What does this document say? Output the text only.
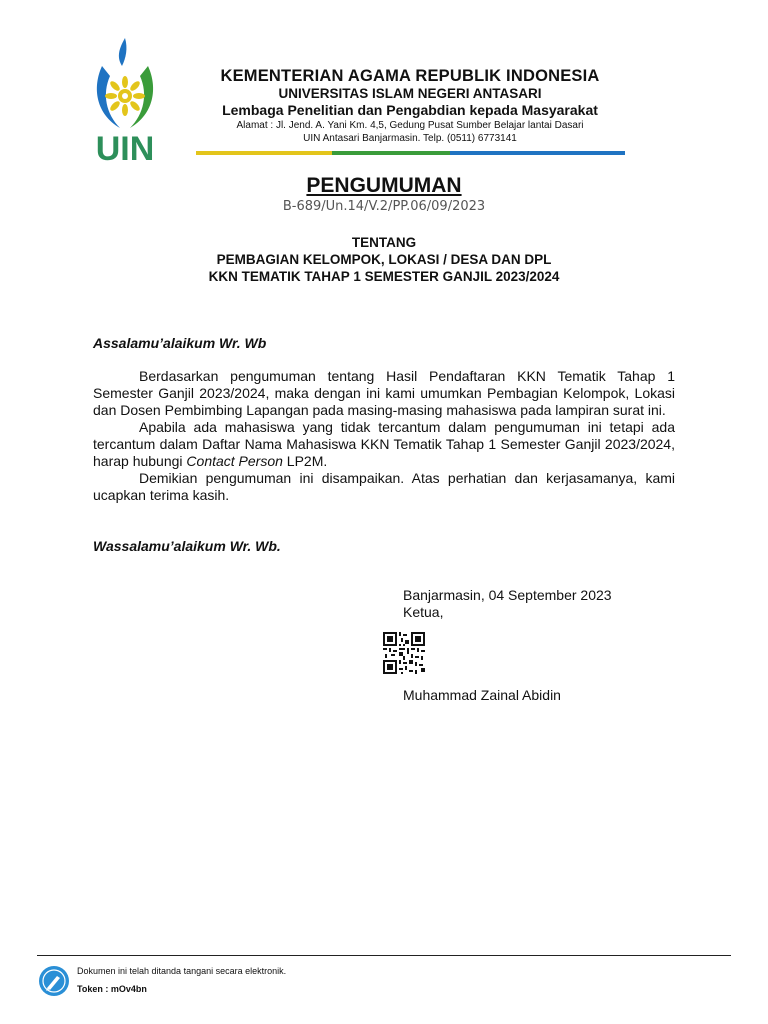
UIN
KEMENTERIAN AGAMA REPUBLIK INDONESIA
UNIVERSITAS ISLAM NEGERI ANTASARI
Lembaga Penelitian dan Pengabdian kepada Masyarakat
Alamat : Jl. Jend. A. Yani Km. 4,5, Gedung Pusat Sumber Belajar lantai Dasari
UIN Antasari Banjarmasin. Telp. (0511) 6773141
PENGUMUMAN
B-689/Un.14/V.2/PP.06/09/2023
TENTANG
PEMBAGIAN KELOMPOK, LOKASI / DESA DAN DPL
KKN TEMATIK TAHAP 1 SEMESTER GANJIL 2023/2024
Assalamu’alaikum Wr. Wb

Berdasarkan pengumuman tentang Hasil Pendaftaran KKN Tematik Tahap 1 Semester Ganjil 2023/2024, maka dengan ini kami umumkan Pembagian Kelompok, Lokasi dan Dosen Pembimbing Lapangan pada masing-masing mahasiswa pada lampiran surat ini.

Apabila ada mahasiswa yang tidak tercantum dalam pengumuman ini tetapi ada tercantum dalam Daftar Nama Mahasiswa KKN Tematik Tahap 1 Semester Ganjil 2023/2024, harap hubungi Contact Person LP2M.

Demikian pengumuman ini disampaikan. Atas perhatian dan kerjasamanya, kami ucapkan terima kasih.

Wassalamu’alaikum Wr. Wb.
Banjarmasin, 04 September 2023
Ketua,
Muhammad Zainal Abidin
Dokumen ini telah ditanda tangani secara elektronik.
Token : mOv4bn
